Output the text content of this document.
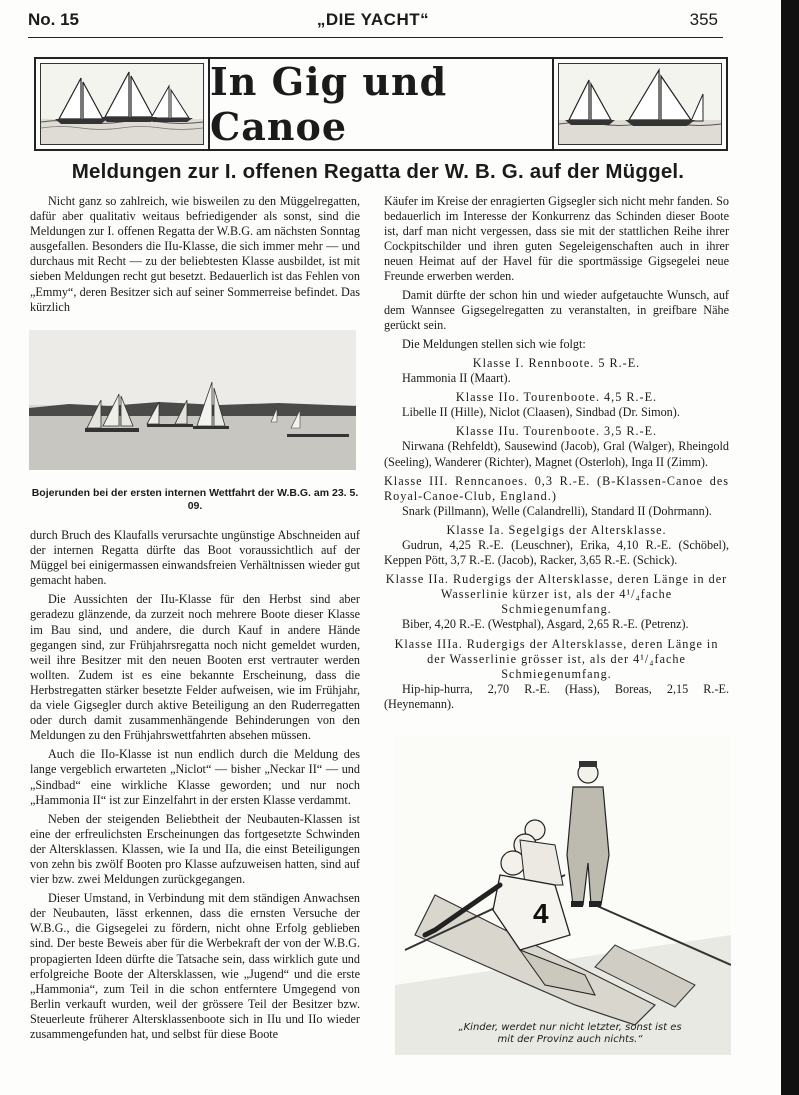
No. 15	„DIE YACHT“	355
In Gig und Canoe
Meldungen zur I. offenen Regatta der W. B. G. auf der Müggel.

Nicht ganz so zahlreich, wie bisweilen zu den Müggelregatten, dafür aber qualitativ weitaus befriedigender als sonst, sind die Meldungen zur I. offenen Regatta der W.B.G. am nächsten Sonntag ausgefallen. Besonders die IIu-Klasse, die sich immer mehr — und durchaus mit Recht — zu der beliebtesten Klasse ausbildet, ist mit sieben Meldungen recht gut besetzt. Bedauerlich ist das Fehlen von „Emmy“, deren Besitzer sich auf seiner Sommerreise befindet. Das kürzlich

Bojerunden bei der ersten internen Wettfahrt der W.B.G. am 23. 5. 09.

durch Bruch des Klaufalls verursachte ungünstige Abschneiden auf der internen Regatta dürfte das Boot voraussichtlich auf der Müggel bei einigermassen einwandsfreien Verhältnissen wieder gut gemacht haben.

Die Aussichten der IIu-Klasse für den Herbst sind aber geradezu glänzende, da zurzeit noch mehrere Boote dieser Klasse im Bau sind, und andere, die durch Kauf in andere Hände gegangen sind, zur Frühjahrsregatta noch nicht gemeldet wurden, weil ihre Besitzer mit den neuen Booten erst vertrauter werden wollten. Zudem ist es eine bekannte Erscheinung, dass die Herbstregatten stärker besetzte Felder aufweisen, wie im Frühjahr, da viele Gigsegler durch aktive Beteiligung an den Ruderregatten oder durch damit zusammenhängende Behinderungen von den Meldungen zu den Frühjahrswettfahrten absehen müssen.

Auch die IIo-Klasse ist nun endlich durch die Meldung des lange vergeblich erwarteten „Niclot“ — bisher „Neckar II“ — und „Sindbad“ eine wirkliche Klasse geworden; und nur noch „Hammonia II“ ist zur Einzelfahrt in der ersten Klasse verdammt.

Neben der steigenden Beliebtheit der Neubauten-Klassen ist eine der erfreulichsten Erscheinungen das fortgesetzte Schwinden der Altersklassen. Klassen, wie Ia und IIa, die einst Beteiligungen von zehn bis zwölf Booten pro Klasse aufzuweisen hatten, sind auf vier bzw. zwei Meldungen zurückgegangen.

Dieser Umstand, in Verbindung mit dem ständigen Anwachsen der Neubauten, lässt erkennen, dass die ernsten Versuche der W.B.G., die Gigsegelei zu fördern, nicht ohne Erfolg geblieben sind. Der beste Beweis aber für die Werbekraft der von der W.B.G. propagierten Ideen dürfte die Tatsache sein, dass wirklich gute und erfolgreiche Boote der Altersklassen, wie „Jugend“ und die erste „Hammonia“, zum Teil in die schon entferntere Umgegend von Berlin verkauft wurden, weil der grössere Teil der Besitzer bzw. Steuerleute früherer Altersklassenboote sich in IIu und IIo wieder zusammengefunden hat, und selbst für diese Boote

Käufer im Kreise der enragierten Gigsegler sich nicht mehr fanden. So bedauerlich im Interesse der Konkurrenz das Schinden dieser Boote ist, darf man nicht vergessen, dass sie mit der stattlichen Reihe ihrer Cockpitschilder und ihren guten Segeleigenschaften auch in ihrer neuen Heimat auf der Havel für die sportmässige Gigsegelei neue Freunde erwerben werden.

Damit dürfte der schon hin und wieder aufgetauchte Wunsch, auf dem Wannsee Gigsegelregatten zu veranstalten, in greifbare Nähe gerückt sein.

Die Meldungen stellen sich wie folgt:

Klasse I. Rennboote. 5 R.-E.

Hammonia II (Maart).

Klasse IIo. Tourenboote. 4,5 R.-E.

Libelle II (Hille), Niclot (Claasen), Sindbad (Dr. Simon).

Klasse IIu. Tourenboote. 3,5 R.-E.

Nirwana (Rehfeldt), Sausewind (Jacob), Gral (Walger), Rheingold (Seeling), Wanderer (Richter), Magnet (Osterloh), Inga II (Zimm).

Klasse III. Renncanoes. 0,3 R.-E. (B-Klassen-Canoe des Royal-Canoe-Club, England.)

Snark (Pillmann), Welle (Calandrelli), Standard II (Dohrmann).

Klasse Ia. Segelgigs der Altersklasse.

Gudrun, 4,25 R.-E. (Leuschner), Erika, 4,10 R.-E. (Schöbel), Keppen Pött, 3,7 R.-E. (Jacob), Racker, 3,65 R.-E. (Schick).

Klasse IIa. Rudergigs der Altersklasse, deren Länge in der Wasserlinie kürzer ist, als der 4¹/₄fache Schmiegenumfang.

Biber, 4,20 R.-E. (Westphal), Asgard, 2,65 R.-E. (Petrenz).

Klasse IIIa. Rudergigs der Altersklasse, deren Länge in der Wasserlinie grösser ist, als der 4¹/₄fache Schmiegenumfang.

Hip-hip-hurra, 2,70 R.-E. (Hass), Boreas, 2,15 R.-E. (Heynemann).

4
„Kinder, werdet nur nicht letzter, sonst ist es
mit der Provinz auch nichts.“
